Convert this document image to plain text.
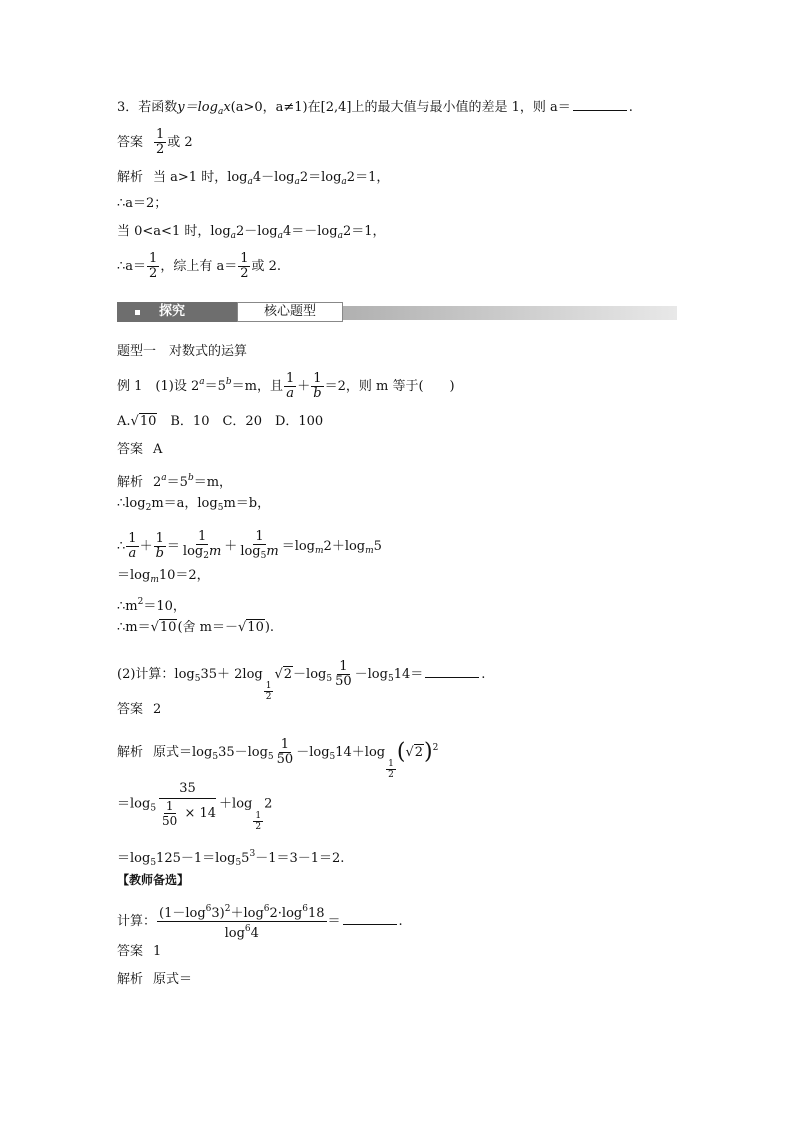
3．若函数$y=\log_ax(a>0$，a≠1)在[2,4]上的最大值与最小值的差是 1，则 a＝	.
答案 $\frac{1}{2}$ 或 2
解析 当 a>1 时，$\log_a4-\log_a2=\log_a2=1$，
∴a＝2；
当 0<a<1 时，$\log_a2-\log_a4=-\log_a2=1$，
∴a＝ $\frac{1}{2}$ ，综上有 $a= \frac{1}{2}$ 或 2.
探究	核心题型
题型一　对数式的运算
例 1　(1)设 $2^a=5^b=m$，且 $\frac{1}{a} + \frac{1}{b} =2$，则 m 等于(　　)
A.√10　B．10　C．20　D．100
答案 A
解析 $2^a=5^b=m$，
$\therefore\log_2m=a$，$\log_5m=b$，
∴ $\frac{1}{a} + \frac{1}{b} = \frac{1}{\log_2m} + \frac{1}{\log_5m} =\log_m2+\log_m5$
$=\log_m10=2$，
$\therefore m^2=10$，
∴m＝√10(舍 m＝－√10).
(2)计算：$\log_535+ 2\log$
$\frac{1}{2}$
$√2-\log_5 \frac{1}{50} -\log_514=$	.
答案 2
解析 原式$=\log_535-\log_5 \frac{1}{50} -\log_514+\log$
$\frac{1}{2}$
$(√2)^2$
$=\log_5 \frac{35}{\frac{1}{50} \times 14} +\log$
$\frac{1}{2}$
2
$=\log_5125-1=\log_55^3-1=3-1=2$.
【教师备选】
计算： $\frac{(1-\log^63)^2+\log^62\cdot\log^618}{\log^64}$ ＝	.
答案 1
解析 原式＝
